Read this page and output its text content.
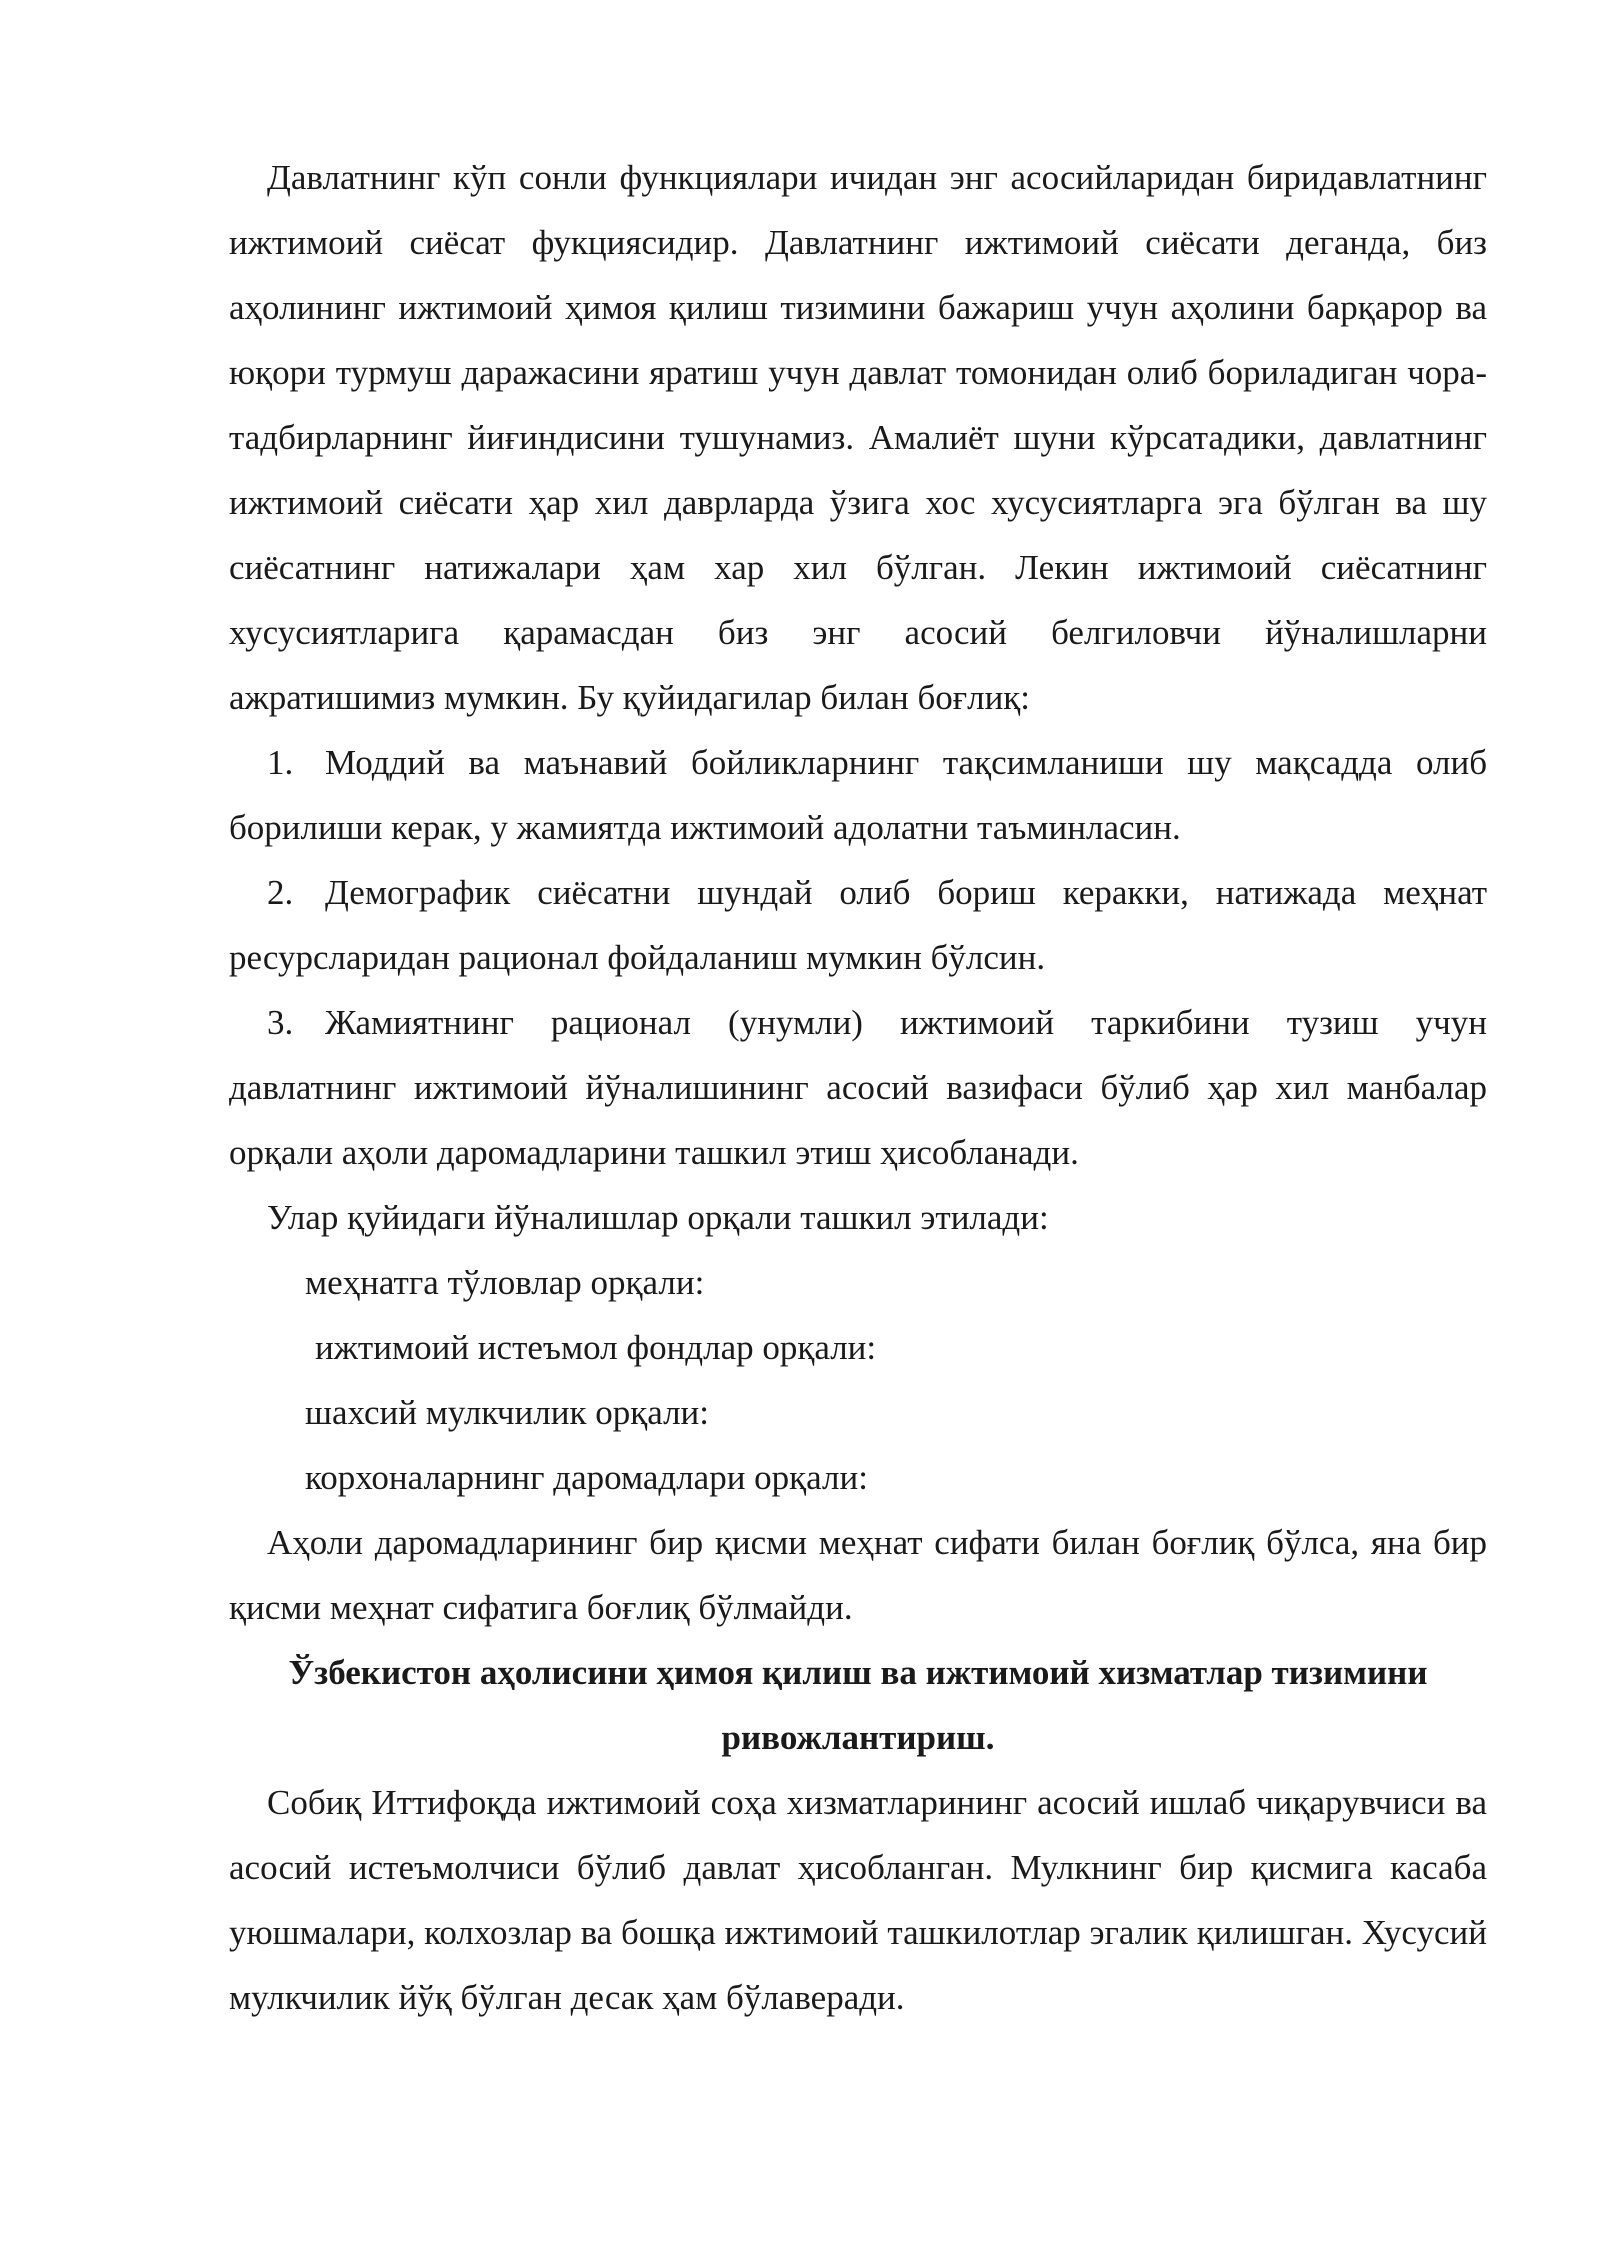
Давлатнинг кўп сонли функциялари ичидан энг асосийларидан биридавлатнинг ижтимоий сиёсат фукциясидир. Давлатнинг ижтимоий сиёсати деганда, биз аҳолининг ижтимоий ҳимоя қилиш тизимини бажариш учун аҳолини барқарор ва юқори турмуш даражасини яратиш учун давлат томонидан олиб бориладиган чора-тадбирларнинг йиғиндисини тушунамиз. Амалиёт шуни кўрсатадики, давлатнинг ижтимоий сиёсати ҳар хил даврларда ўзига хос хусусиятларга эга бўлган ва шу сиёсатнинг натижалари ҳам хар хил бўлган. Лекин ижтимоий сиёсатнинг хусусиятларига қарамасдан биз энг асосий белгиловчи йўналишларни ажратишимиз мумкин. Бу қуйидагилар билан боғлиқ:

1. Моддий ва маънавий бойликларнинг тақсимланиши шу мақсадда олиб борилиши керак, у жамиятда ижтимоий адолатни таъминласин.

2. Демографик сиёсатни шундай олиб бориш керакки, натижада меҳнат ресурсларидан рационал фойдаланиш мумкин бўлсин.

3. Жамиятнинг рационал (унумли) ижтимоий таркибини тузиш учун давлатнинг ижтимоий йўналишининг асосий вазифаси бўлиб ҳар хил манбалар орқали аҳоли даромадларини ташкил этиш ҳисобланади.

Улар қуйидаги йўналишлар орқали ташкил этилади:

меҳнатга тўловлар орқали:

ижтимоий истеъмол фондлар орқали:

шахсий мулкчилик орқали:

корхоналарнинг даромадлари орқали:

Аҳоли даромадларининг бир қисми меҳнат сифати билан боғлиқ бўлса, яна бир қисми меҳнат сифатига боғлиқ бўлмайди.

Ўзбекистон аҳолисини ҳимоя қилиш ва ижтимоий хизматлар тизимини ривожлантириш.

Собиқ Иттифоқда ижтимоий соҳа хизматларининг асосий ишлаб чиқарувчиси ва асосий истеъмолчиси бўлиб давлат ҳисобланган. Мулкнинг бир қисмига касаба уюшмалари, колхозлар ва бошқа ижтимоий ташкилотлар эгалик қилишган. Хусусий мулкчилик йўқ бўлган десак ҳам бўлаверади.
